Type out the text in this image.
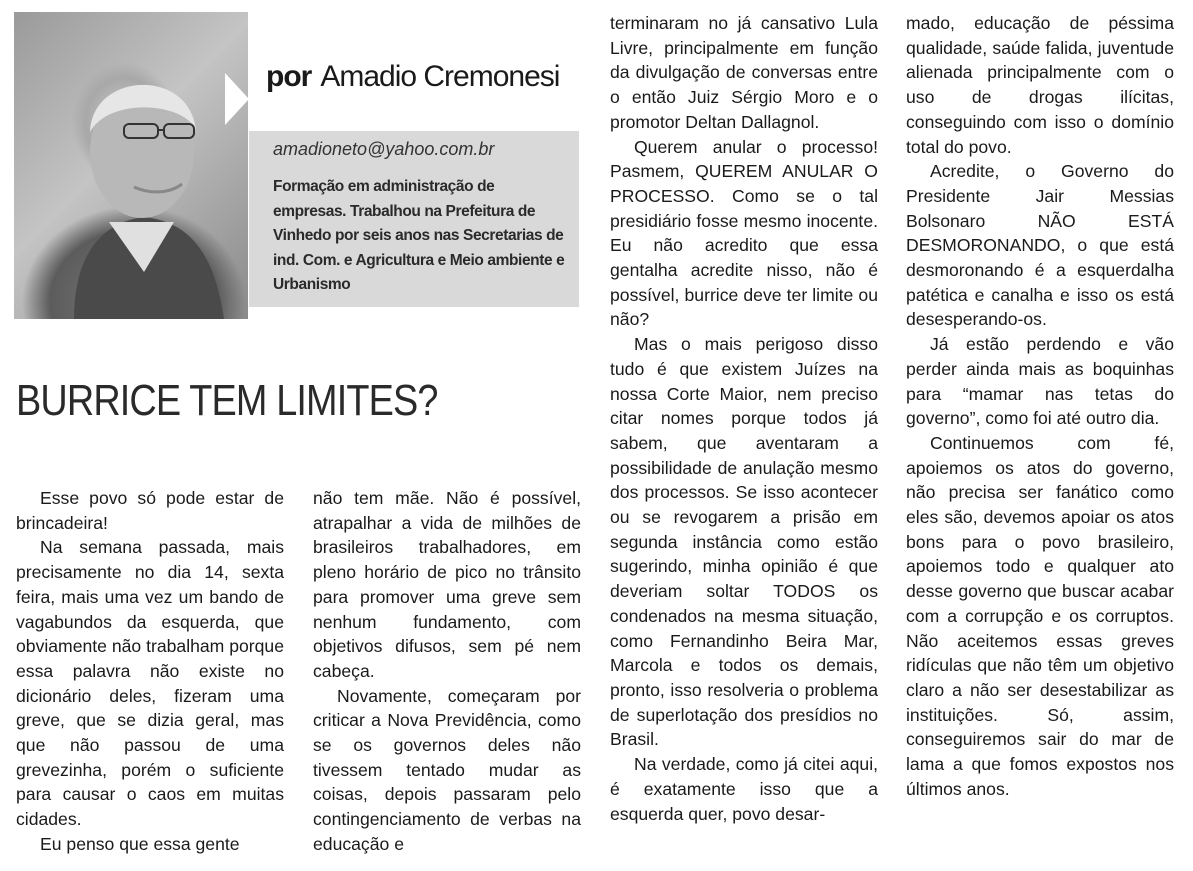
por Amadio Cremonesi
amadioneto@yahoo.com.br
Formação em administração de empresas. Trabalhou na Prefeitura de Vinhedo por seis anos nas Secretarias de ind. Com. e Agricultura e Meio ambiente e Urbanismo
BURRICE TEM LIMITES?

Esse povo só pode estar de brincadeira!

Na semana passada, mais precisamente no dia 14, sexta feira, mais uma vez um bando de vagabundos da esquerda, que obviamente não trabalham porque essa palavra não existe no dicionário deles, fizeram uma greve, que se dizia geral, mas que não passou de uma grevezinha, porém o suficiente para causar o caos em muitas cidades.

Eu penso que essa gente

não tem mãe. Não é possível, atrapalhar a vida de milhões de brasileiros trabalhadores, em pleno horário de pico no trânsito para promover uma greve sem nenhum fundamento, com objetivos difusos, sem pé nem cabeça.

Novamente, começaram por criticar a Nova Previdência, como se os governos deles não tivessem tentado mudar as coisas, depois passaram pelo contingenciamento de verbas na educação e

terminaram no já cansativo Lula Livre, principalmente em função da divulgação de conversas entre o então Juiz Sérgio Moro e o promotor Deltan Dallagnol.

Querem anular o processo! Pasmem, QUEREM ANULAR O PROCESSO. Como se o tal presidiário fosse mesmo inocente. Eu não acredito que essa gentalha acredite nisso, não é possível, burrice deve ter limite ou não?

Mas o mais perigoso disso tudo é que existem Juízes na nossa Corte Maior, nem preciso citar nomes porque todos já sabem, que aventaram a possibilidade de anulação mesmo dos processos. Se isso acontecer ou se revogarem a prisão em segunda instância como estão sugerindo, minha opinião é que deveriam soltar TODOS os condenados na mesma situação, como Fernandinho Beira Mar, Marcola e todos os demais, pronto, isso resolveria o problema de superlotação dos presídios no Brasil.

Na verdade, como já citei aqui, é exatamente isso que a esquerda quer, povo desar-

mado, educação de péssima qualidade, saúde falida, juventude alienada principalmente com o uso de drogas ilícitas, conseguindo com isso o domínio total do povo.

Acredite, o Governo do Presidente Jair Messias Bolsonaro NÃO ESTÁ DESMORONANDO, o que está desmoronando é a esquerdalha patética e canalha e isso os está desesperando-os.

Já estão perdendo e vão perder ainda mais as boquinhas para “mamar nas tetas do governo”, como foi até outro dia.

Continuemos com fé, apoiemos os atos do governo, não precisa ser fanático como eles são, devemos apoiar os atos bons para o povo brasileiro, apoiemos todo e qualquer ato desse governo que buscar acabar com a corrupção e os corruptos. Não aceitemos essas greves ridículas que não têm um objetivo claro a não ser desestabilizar as instituições. Só, assim, conseguiremos sair do mar de lama a que fomos expostos nos últimos anos.
